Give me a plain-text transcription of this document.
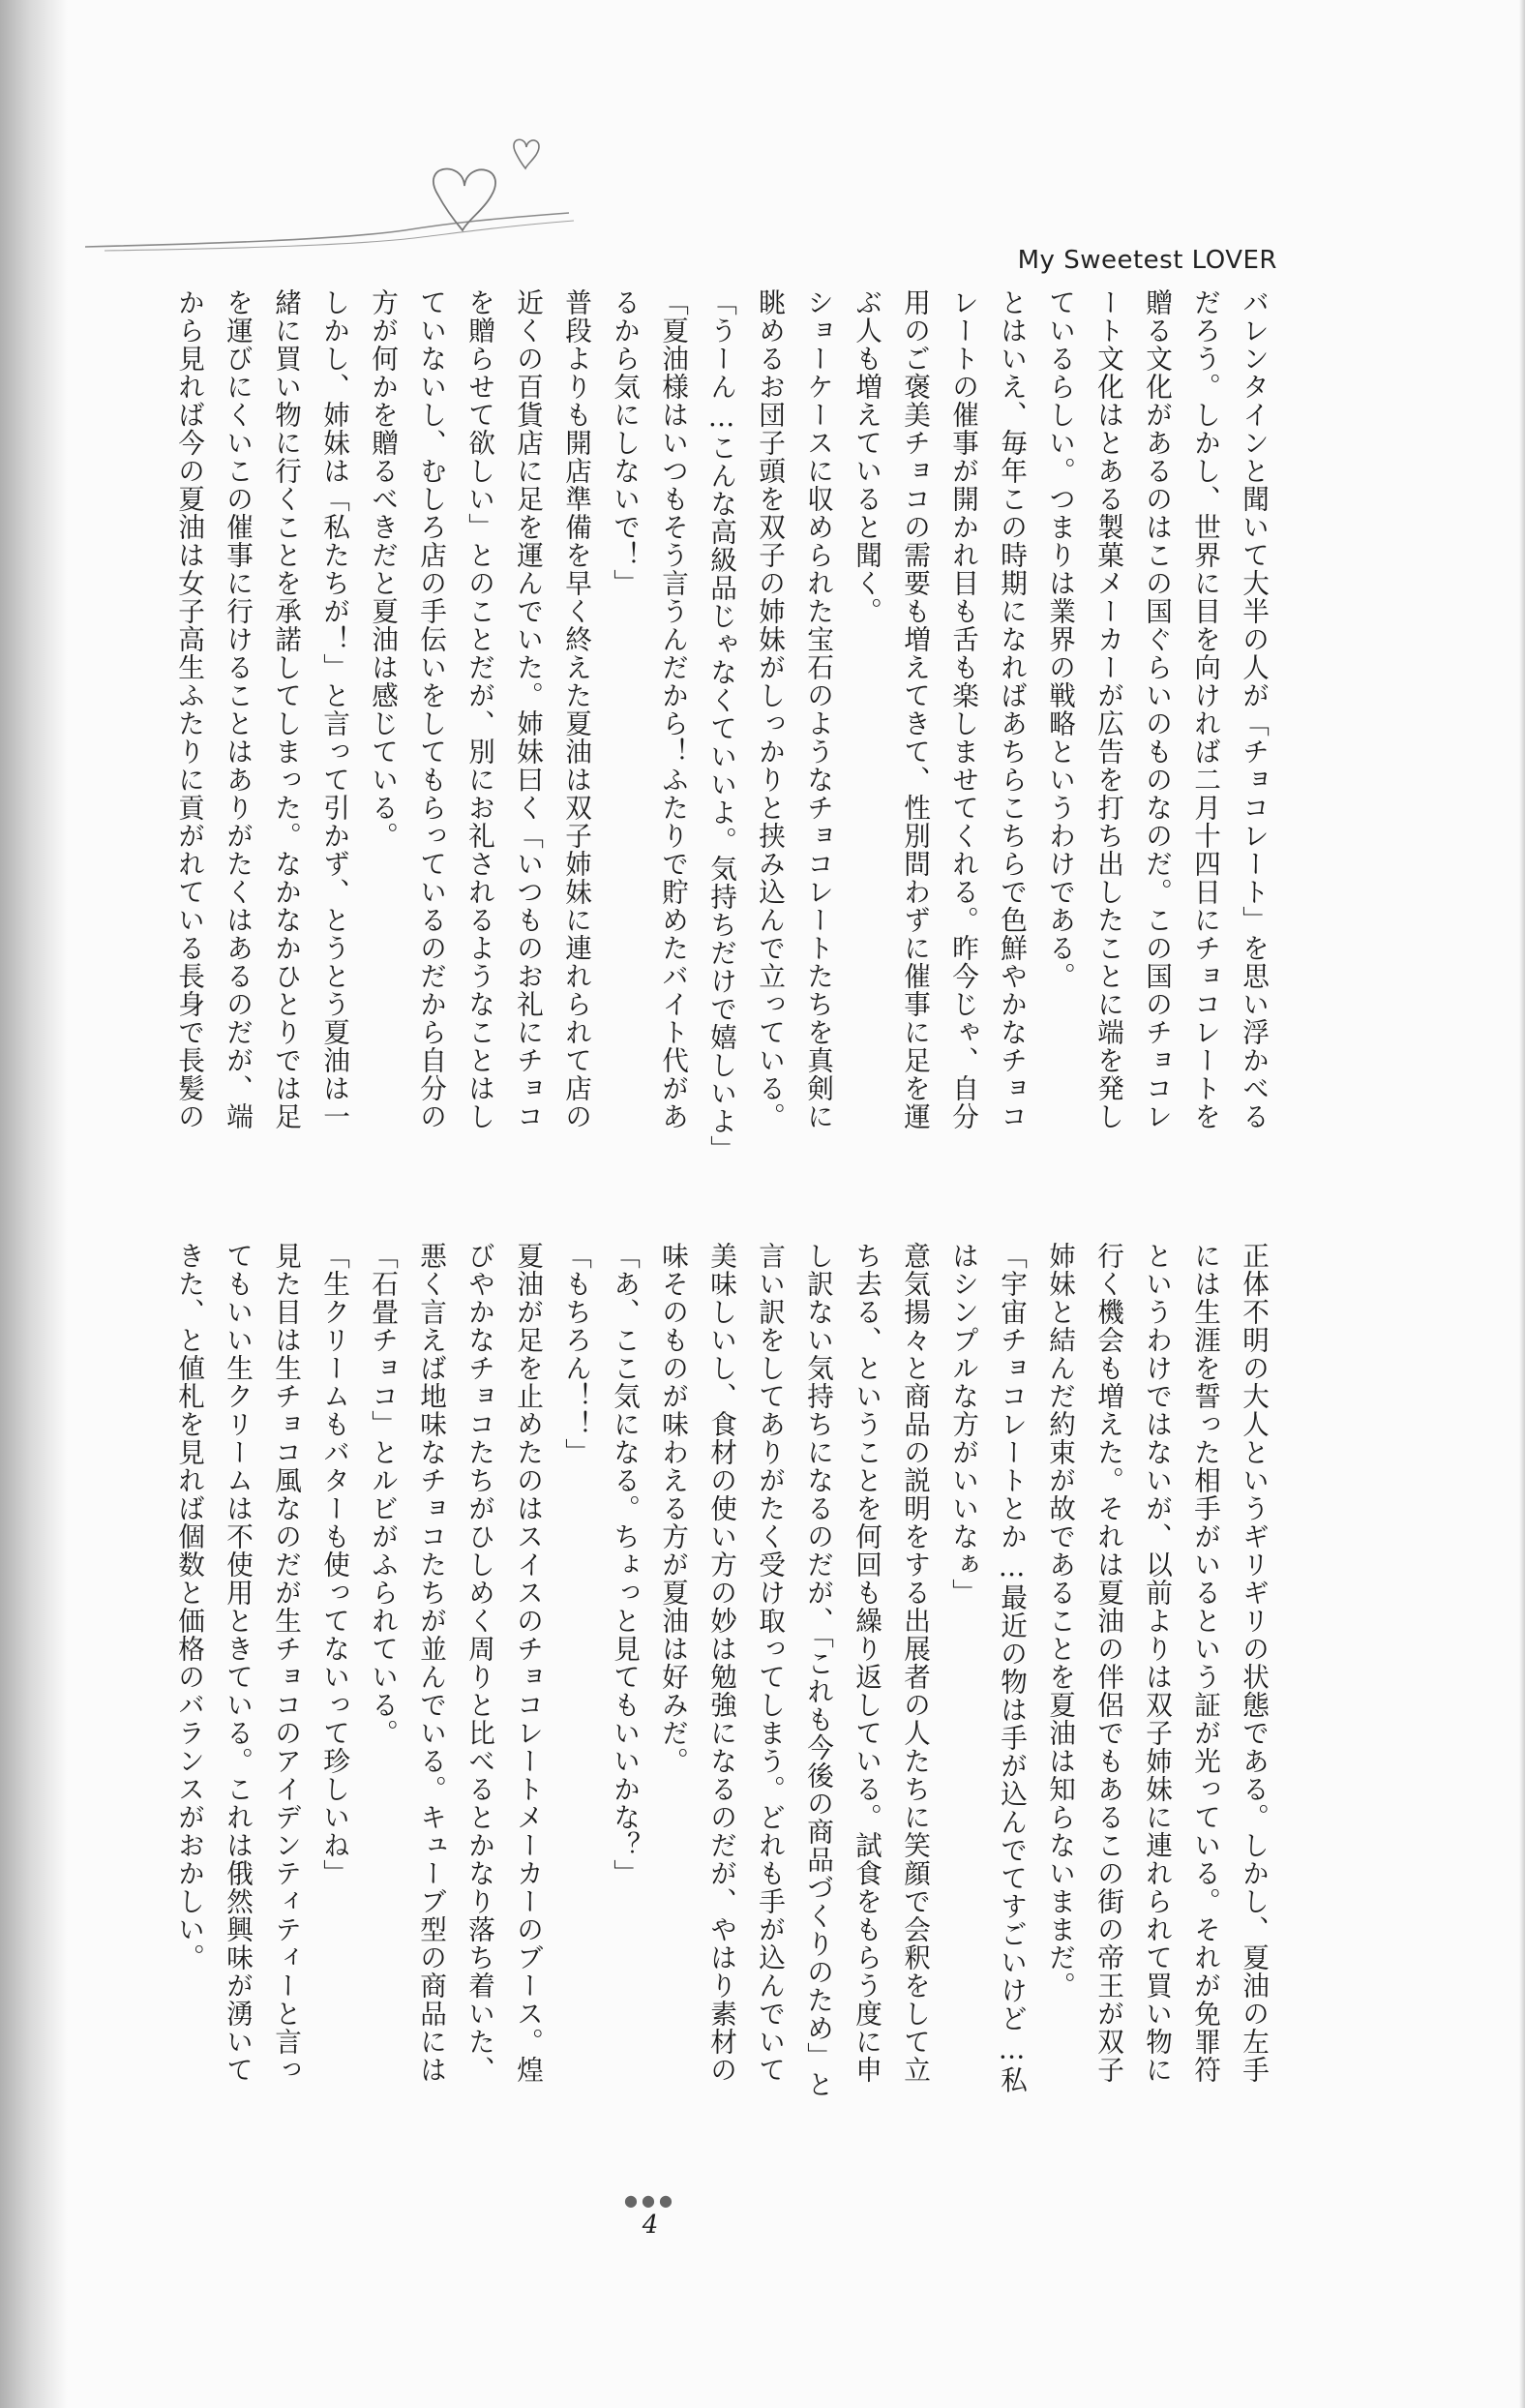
My Sweetest LOVER

バレンタインと聞いて大半の人が「チョコレート」を思い浮かべる

だろう。しかし、世界に目を向ければ二月十四日にチョコレートを

贈る文化があるのはこの国ぐらいのものなのだ。この国のチョコレ

ート文化はとある製菓メーカーが広告を打ち出したことに端を発し

ているらしい。つまりは業界の戦略というわけである。

とはいえ、毎年この時期になればあちらこちらで色鮮やかなチョコ

レートの催事が開かれ目も舌も楽しませてくれる。昨今じゃ、自分

用のご褒美チョコの需要も増えてきて、性別問わずに催事に足を運

ぶ人も増えていると聞く。

ショーケースに収められた宝石のようなチョコレートたちを真剣に

眺めるお団子頭を双子の姉妹がしっかりと挟み込んで立っている。

「うーん…こんな高級品じゃなくていいよ。気持ちだけで嬉しいよ」

「夏油様はいつもそう言うんだから！ふたりで貯めたバイト代があ

るから気にしないで！」

普段よりも開店準備を早く終えた夏油は双子姉妹に連れられて店の

近くの百貨店に足を運んでいた。姉妹曰く「いつものお礼にチョコ

を贈らせて欲しい」とのことだが、別にお礼されるようなことはし

ていないし、むしろ店の手伝いをしてもらっているのだから自分の

方が何かを贈るべきだと夏油は感じている。

しかし、姉妹は「私たちが！」と言って引かず、とうとう夏油は一

緒に買い物に行くことを承諾してしまった。なかなかひとりでは足

を運びにくいこの催事に行けることはありがたくはあるのだが、端

から見れば今の夏油は女子高生ふたりに貢がれている長身で長髪の

正体不明の大人というギリギリの状態である。しかし、夏油の左手

には生涯を誓った相手がいるという証が光っている。それが免罪符

というわけではないが、以前よりは双子姉妹に連れられて買い物に

行く機会も増えた。それは夏油の伴侶でもあるこの街の帝王が双子

姉妹と結んだ約束が故であることを夏油は知らないままだ。

「宇宙チョコレートとか…最近の物は手が込んでてすごいけど…私

はシンプルな方がいいなぁ」

意気揚々と商品の説明をする出展者の人たちに笑顔で会釈をして立

ち去る、ということを何回も繰り返している。試食をもらう度に申

し訳ない気持ちになるのだが、「これも今後の商品づくりのため」と

言い訳をしてありがたく受け取ってしまう。どれも手が込んでいて

美味しいし、食材の使い方の妙は勉強になるのだが、やはり素材の

味そのものが味わえる方が夏油は好みだ。

「あ、ここ気になる。ちょっと見てもいいかな？」

「もちろん！！」

夏油が足を止めたのはスイスのチョコレートメーカーのブース。煌

びやかなチョコたちがひしめく周りと比べるとかなり落ち着いた、

悪く言えば地味なチョコたちが並んでいる。キューブ型の商品には

「石畳チョコ」とルビがふられている。

「生クリームもバターも使ってないって珍しいね」

見た目は生チョコ風なのだが生チョコのアイデンティティーと言っ

てもいい生クリームは不使用ときている。これは俄然興味が湧いて

きた、と値札を見れば個数と価格のバランスがおかしい。

●●●
4
